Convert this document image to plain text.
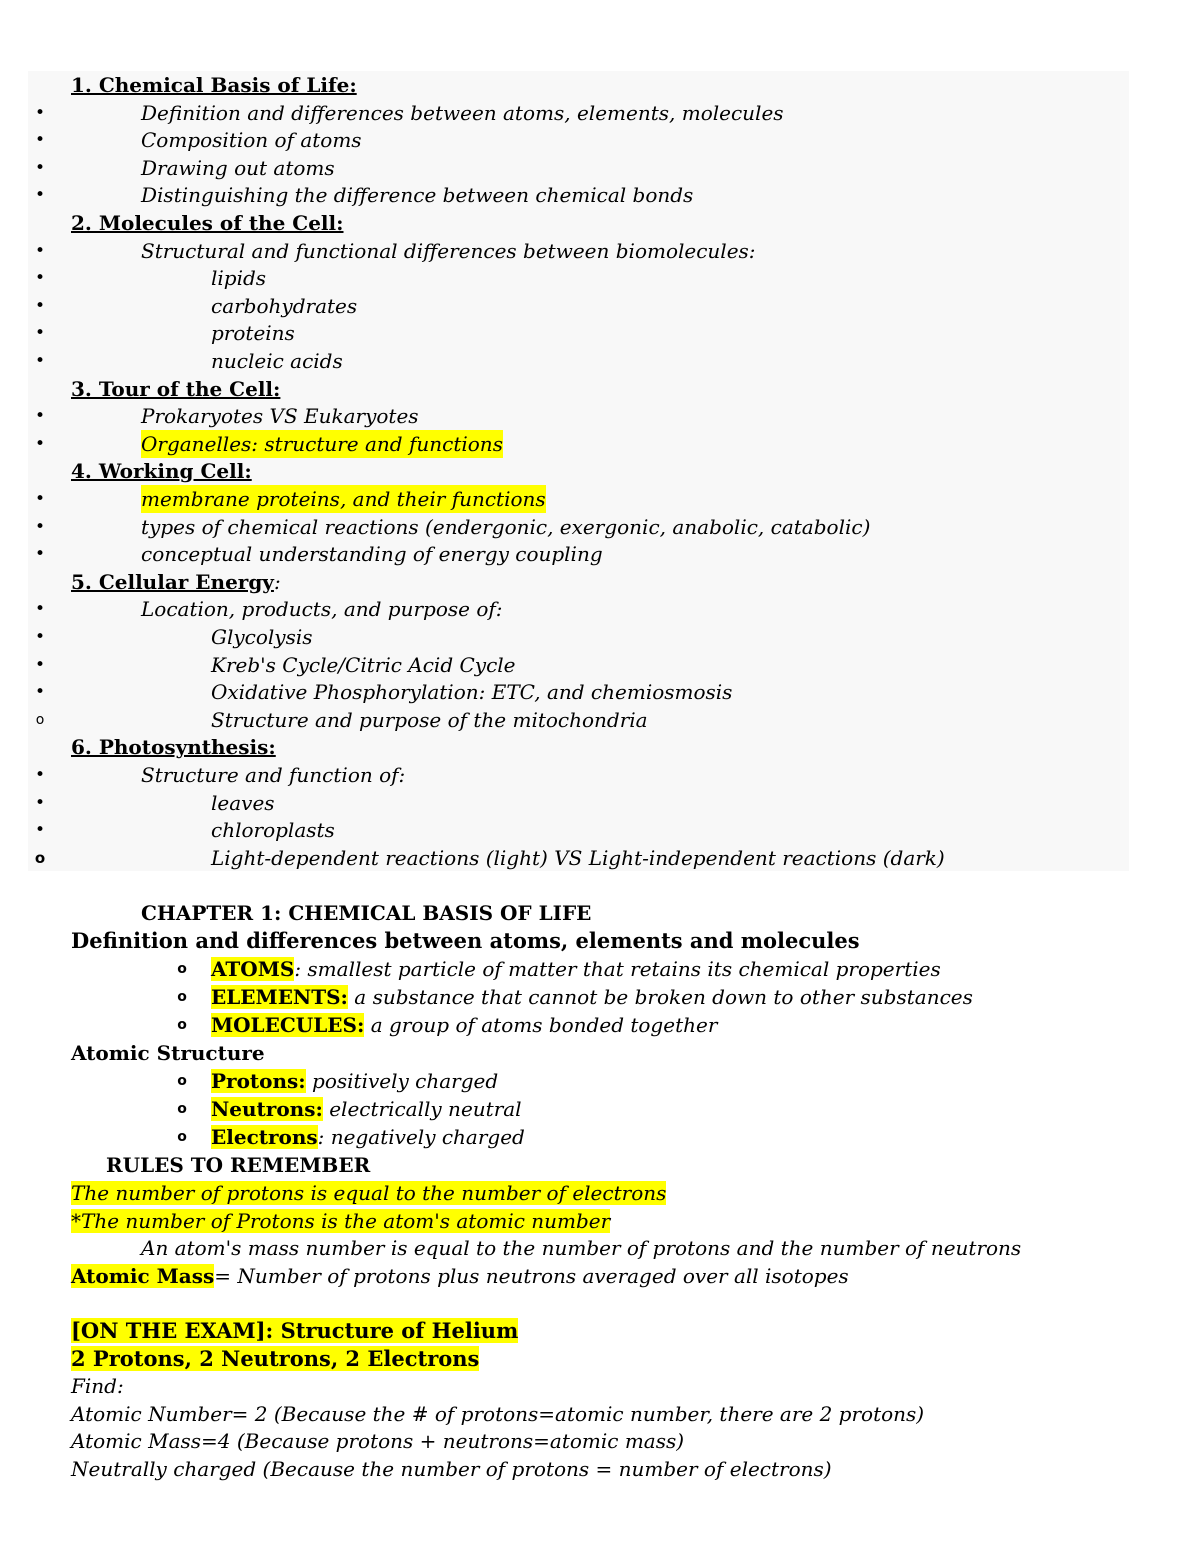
1. Chemical Basis of Life:
•	Definition and differences between atoms, elements, molecules
•	Composition of atoms
•	Drawing out atoms
•	Distinguishing the difference between chemical bonds
2. Molecules of the Cell:
•	Structural and functional differences between biomolecules:
•	lipids
•	carbohydrates
•	proteins
•	nucleic acids
3. Tour of the Cell:
•	Prokaryotes VS Eukaryotes
•	Organelles: structure and functions
4. Working Cell:
•	membrane proteins, and their functions
•	types of chemical reactions (endergonic, exergonic, anabolic, catabolic)
•	conceptual understanding of energy coupling
5. Cellular Energy :
•	Location, products, and purpose of:
•	Glycolysis
•	Kreb's Cycle/Citric Acid Cycle
•	Oxidative Phosphorylation: ETC, and chemiosmosis
o	Structure and purpose of the mitochondria
6. Photosynthesis:
•	Structure and function of:
•	leaves
•	chloroplasts
o	Light-dependent reactions (light) VS Light-independent reactions (dark)
CHAPTER 1: CHEMICAL BASIS OF LIFE
Definition and differences between atoms, elements and molecules
o ATOMS: smallest particle of matter that retains its chemical properties
o ELEMENTS: a substance that cannot be broken down to other substances
o MOLECULES: a group of atoms bonded together
Atomic Structure
o Protons: positively charged
o Neutrons: electrically neutral
o Electrons: negatively charged
RULES TO REMEMBER
The number of protons is equal to the number of electrons
*The number of Protons is the atom's atomic number
An atom's mass number is equal to the number of protons and the number of neutrons
Atomic Mass= Number of protons plus neutrons averaged over all isotopes
[ON THE EXAM]: Structure of Helium
2 Protons, 2 Neutrons, 2 Electrons
Find:
Atomic Number= 2 (Because the # of protons=atomic number, there are 2 protons)
Atomic Mass=4 (Because protons + neutrons=atomic mass)
Neutrally charged (Because the number of protons = number of electrons)
